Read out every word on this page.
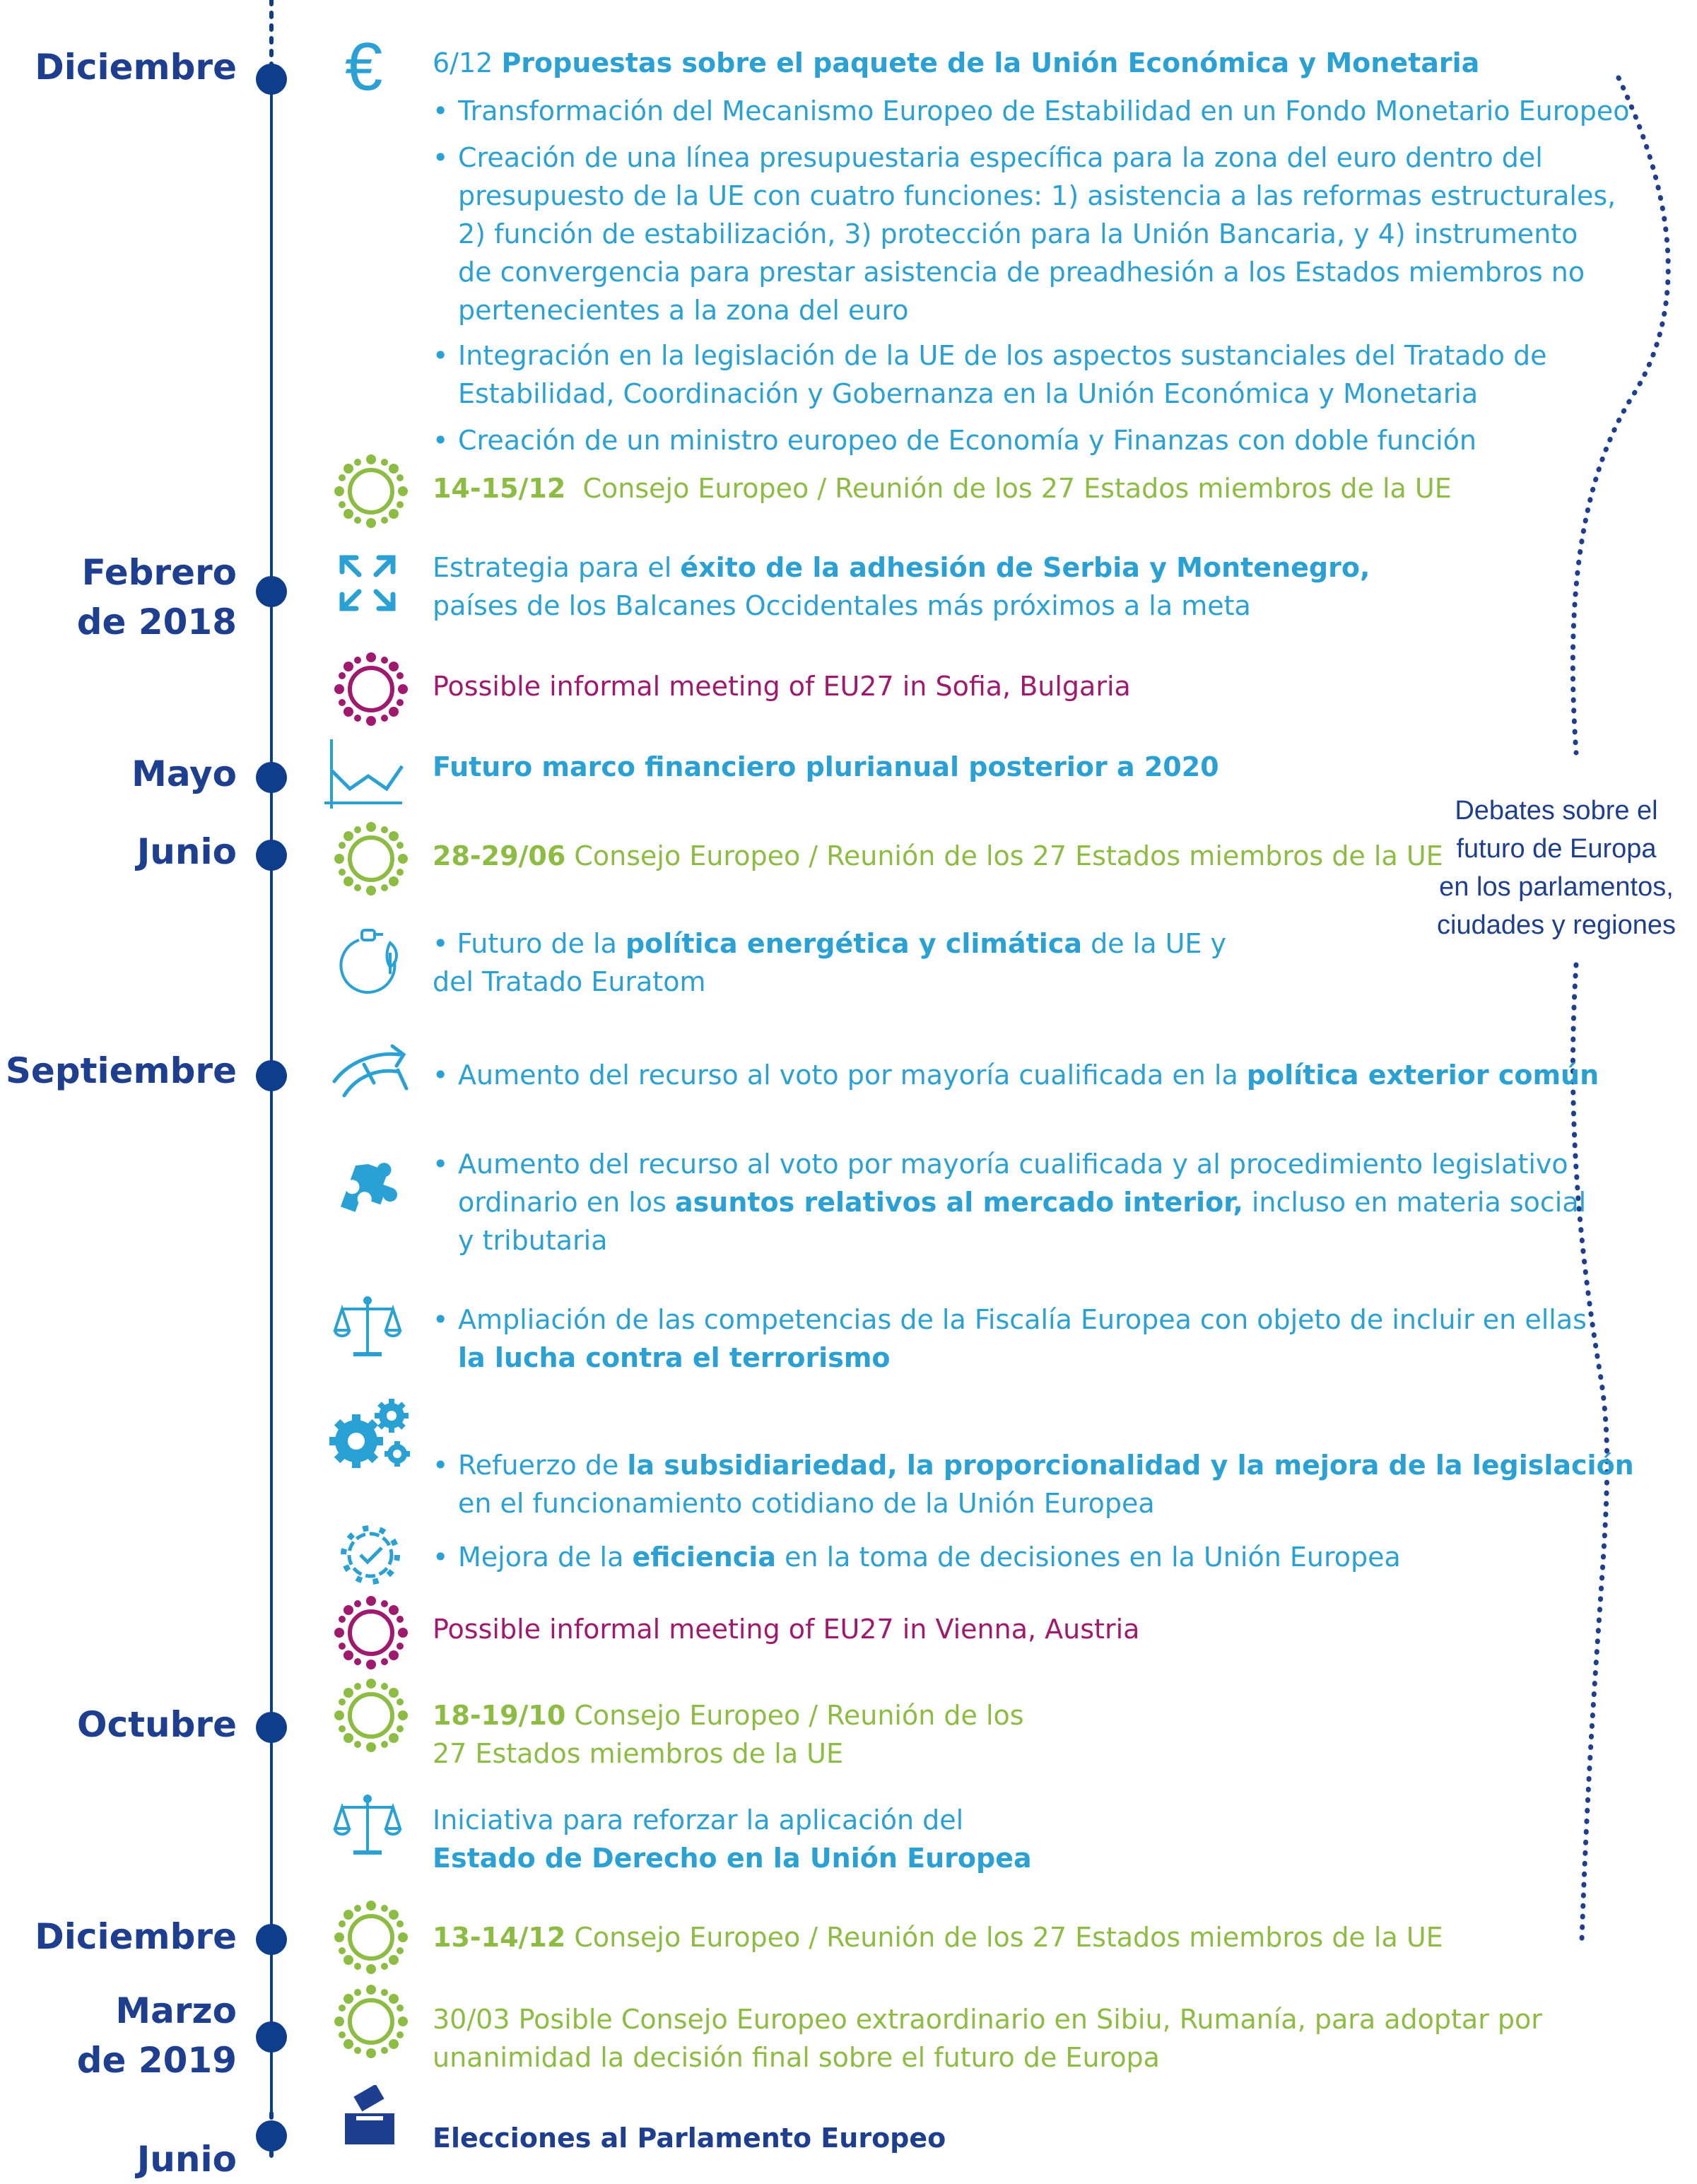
Diciembre
Febrero
de 2018
Mayo
Junio
Septiembre
Octubre
Diciembre
Marzo
de 2019
Junio
€ 6/12 Propuestas sobre el paquete de la Unión Económica y Monetaria
• Transformación del Mecanismo Europeo de Estabilidad en un Fondo Monetario Europeo
• Creación de una línea presupuestaria específica para la zona del euro dentro del
presupuesto de la UE con cuatro funciones: 1) asistencia a las reformas estructurales,
2) función de estabilización, 3) protección para la Unión Bancaria, y 4) instrumento
de convergencia para prestar asistencia de preadhesión a los Estados miembros no
pertenecientes a la zona del euro
• Integración en la legislación de la UE de los aspectos sustanciales del Tratado de
Estabilidad, Coordinación y Gobernanza en la Unión Económica y Monetaria
• Creación de un ministro europeo de Economía y Finanzas con doble función
14-15/12 Consejo Europeo / Reunión de los 27 Estados miembros de la UE
Estrategia para el éxito de la adhesión de Serbia y Montenegro,
países de los Balcanes Occidentales más próximos a la meta
Possible informal meeting of EU27 in Sofia, Bulgaria
Futuro marco financiero plurianual posterior a 2020
28-29/06 Consejo Europeo / Reunión de los 27 Estados miembros de la UE
• Futuro de la política energética y climática de la UE y
del Tratado Euratom
• Aumento del recurso al voto por mayoría cualificada en la política exterior común
• Aumento del recurso al voto por mayoría cualificada y al procedimiento legislativo
ordinario en los asuntos relativos al mercado interior, incluso en materia social
y tributaria
• Ampliación de las competencias de la Fiscalía Europea con objeto de incluir en ellas
la lucha contra el terrorismo
• Refuerzo de la subsidiariedad, la proporcionalidad y la mejora de la legislación
en el funcionamiento cotidiano de la Unión Europea
• Mejora de la eficiencia en la toma de decisiones en la Unión Europea
Possible informal meeting of EU27 in Vienna, Austria
18-19/10 Consejo Europeo / Reunión de los
27 Estados miembros de la UE
Iniciativa para reforzar la aplicación del
Estado de Derecho en la Unión Europea
13-14/12 Consejo Europeo / Reunión de los 27 Estados miembros de la UE
30/03 Posible Consejo Europeo extraordinario en Sibiu, Rumanía, para adoptar por
unanimidad la decisión final sobre el futuro de Europa
Elecciones al Parlamento Europeo
Debates sobre el
futuro de Europa
en los parlamentos,
ciudades y regiones
